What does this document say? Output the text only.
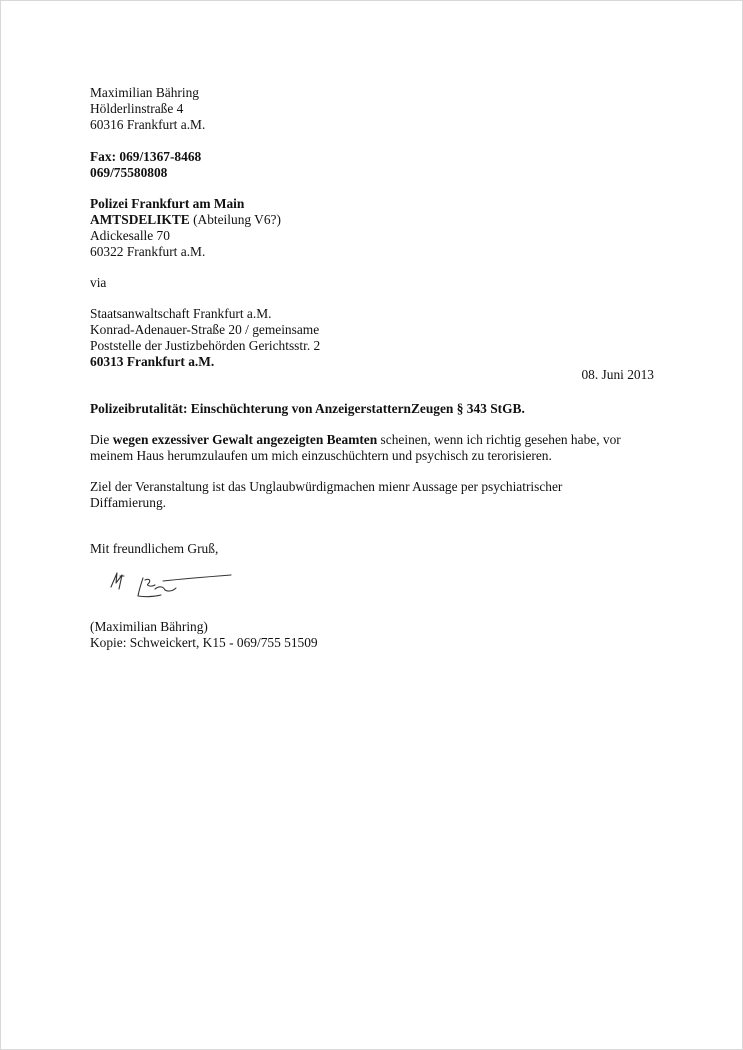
Maximilian Bähring
Hölderlinstraße 4
60316 Frankfurt a.M.
Fax: 069/1367-8468
069/75580808
Polizei Frankfurt am Main
AMTSDELIKTE (Abteilung V6?)
Adickesalle 70
60322 Frankfurt a.M.
via
Staatsanwaltschaft Frankfurt a.M.
Konrad-Adenauer-Straße 20 / gemeinsame
Poststelle der Justizbehörden Gerichtsstr. 2
60313 Frankfurt a.M.
08. Juni 2013
Polizeibrutalität: Einschüchterung von AnzeigerstatternZeugen § 343 StGB.
Die wegen exzessiver Gewalt angezeigten Beamten scheinen, wenn ich richtig gesehen habe, vor
meinem Haus herumzulaufen um mich einzuschüchtern und psychisch zu terorisieren.
Ziel der Veranstaltung ist das Unglaubwürdigmachen mienr Aussage per psychiatrischer
Diffamierung.
Mit freundlichem Gruß,
(Maximilian Bähring)
Kopie: Schweickert, K15 - 069/755 51509
